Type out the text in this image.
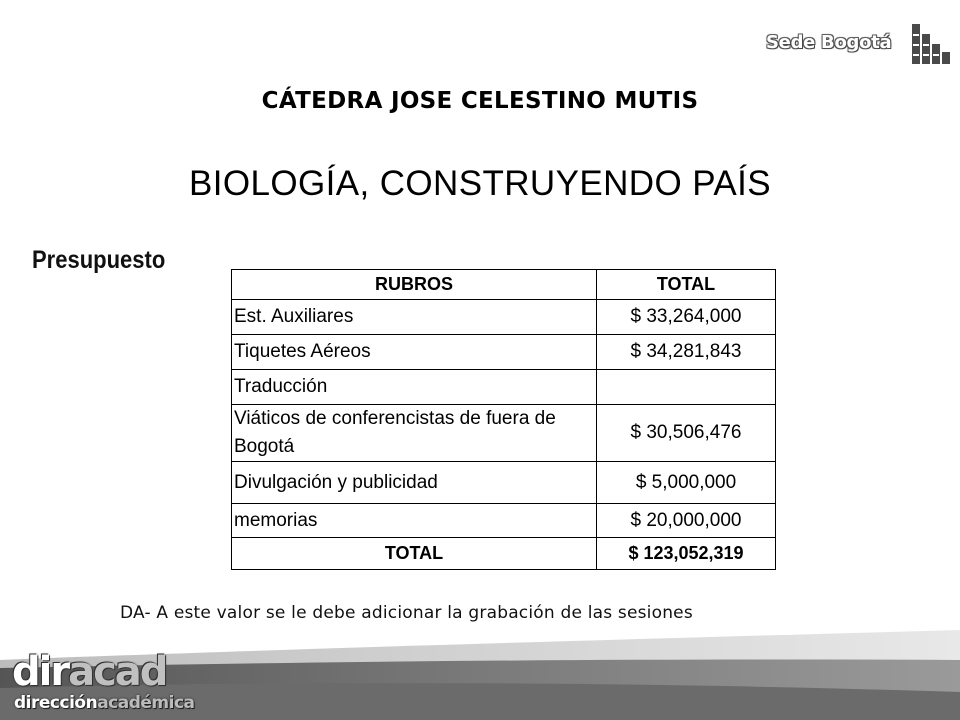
Sede Bogotá
CÁTEDRA JOSE CELESTINO MUTIS
BIOLOGÍA, CONSTRUYENDO PAÍS
Presupuesto
RUBROS	TOTAL
Est. Auxiliares	$ 33,264,000
Tiquetes Aéreos	$ 34,281,843
Traducción	
Viáticos de conferencistas de fuera de Bogotá	$ 30,506,476
Divulgación y publicidad	$ 5,000,000
memorias	$ 20,000,000
TOTAL	$ 123,052,319
DA- A este valor se le debe adicionar la grabación de las sesiones
diracad
direcciónacadémica
